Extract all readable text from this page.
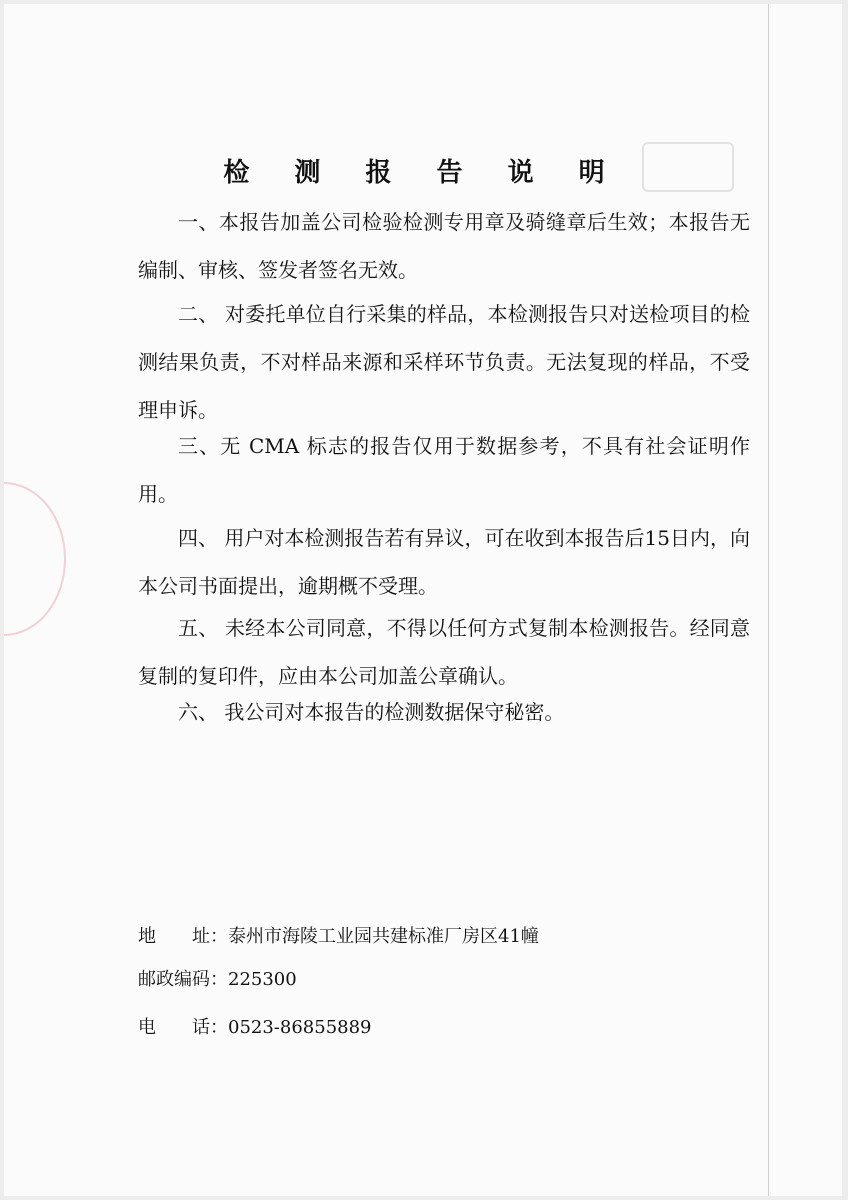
检 测 报 告 说 明
一、本报告加盖公司检验检测专用章及骑缝章后生效；本报告无编制、审核、签发者签名无效。
二、 对委托单位自行采集的样品，本检测报告只对送检项目的检测结果负责，不对样品来源和采样环节负责。无法复现的样品，不受理申诉。
三、无 CMA 标志的报告仅用于数据参考，不具有社会证明作用。
四、 用户对本检测报告若有异议，可在收到本报告后15日内，向本公司书面提出，逾期概不受理。
五、 未经本公司同意，不得以任何方式复制本检测报告。经同意复制的复印件，应由本公司加盖公章确认。
六、 我公司对本报告的检测数据保守秘密。
地　　址：泰州市海陵工业园共建标准厂房区41幢
邮政编码：225300
电　　话：0523-86855889
